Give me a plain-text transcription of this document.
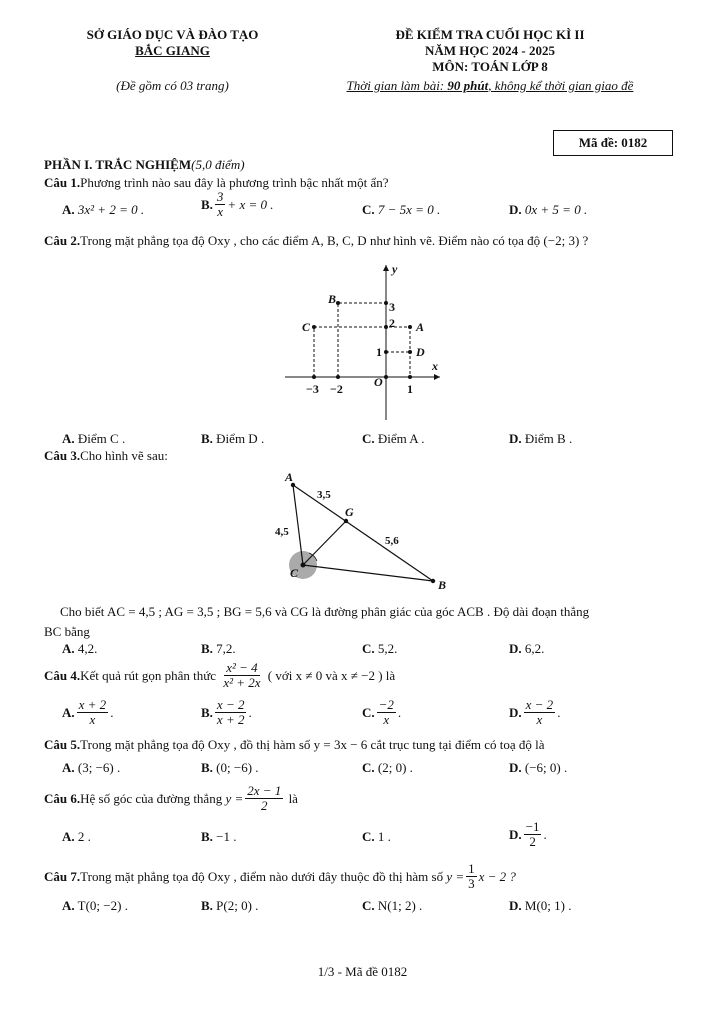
SỞ GIÁO DỤC VÀ ĐÀO TẠO
BẮC GIANG
(Đề gồm có 03 trang)
ĐỀ KIỂM TRA CUỐI HỌC KÌ II
NĂM HỌC 2024 - 2025
MÔN: TOÁN LỚP 8
Thời gian làm bài: 90 phút, không kể thời gian giao đề
Mã đề: 0182
PHẦN I. TRẮC NGHIỆM (5,0 điểm)
Câu 1. Phương trình nào sau đây là phương trình bậc nhất một ẩn?
A. 3x² + 2 = 0 .	B. $\frac{3}{x} + x = 0$ .	C. 7 − 5x = 0 .	D. 0x + 5 = 0 .
Câu 2. Trong mặt phẳng tọa độ Oxy , cho các điểm A, B, C, D như hình vẽ. Điểm nào có tọa độ (−2; 3) ?
y
x
O
B
C	A
D
3
2
1
−3 −2	1
A. Điểm C .	B. Điểm D .	C. Điểm A .	D. Điểm B .
Câu 3. Cho hình vẽ sau:
A
G
C
B
3,5
4,5
5,6
Cho biết AC = 4,5 ; AG = 3,5 ; BG = 5,6 và CG là đường phân giác của góc ACB . Độ dài đoạn thẳng
BC bằng
A. 4,2.	B. 7,2.	C. 5,2.	D. 6,2.
Câu 4. Kết quả rút gọn phân thức
$\frac{\text{x² − 4}}{\text{x² + 2x}}$
( với x ≠ 0 và x ≠ −2 ) là
A. $\frac{x + 2}{x}$ .	B. $\frac{x - 2}{x + 2}$ .	C. $\frac{-2}{x}$ .	D. $\frac{x - 2}{x}$ .
Câu 5. Trong mặt phẳng tọa độ Oxy , đồ thị hàm số y = 3x − 6 cắt trục tung tại điểm có toạ độ là
A. (3; −6) .	B. (0; −6) .	C. (2; 0) .	D. (−6; 0) .
Câu 6. Hệ số góc của đường thẳng
$y = \frac{2x - 1}{2}$
là
A. 2 .	B. −1 .	C. 1 .	D. $\frac{-1}{2}$ .
Câu 7. Trong mặt phẳng tọa độ Oxy , điểm nào dưới đây thuộc đồ thị hàm số
$y = \frac{1}{3}$ x − 2 ?
A. T(0; −2) .	B. P(2; 0) .	C. N(1; 2) .	D. M(0; 1) .
1/3 - Mã đề 0182
